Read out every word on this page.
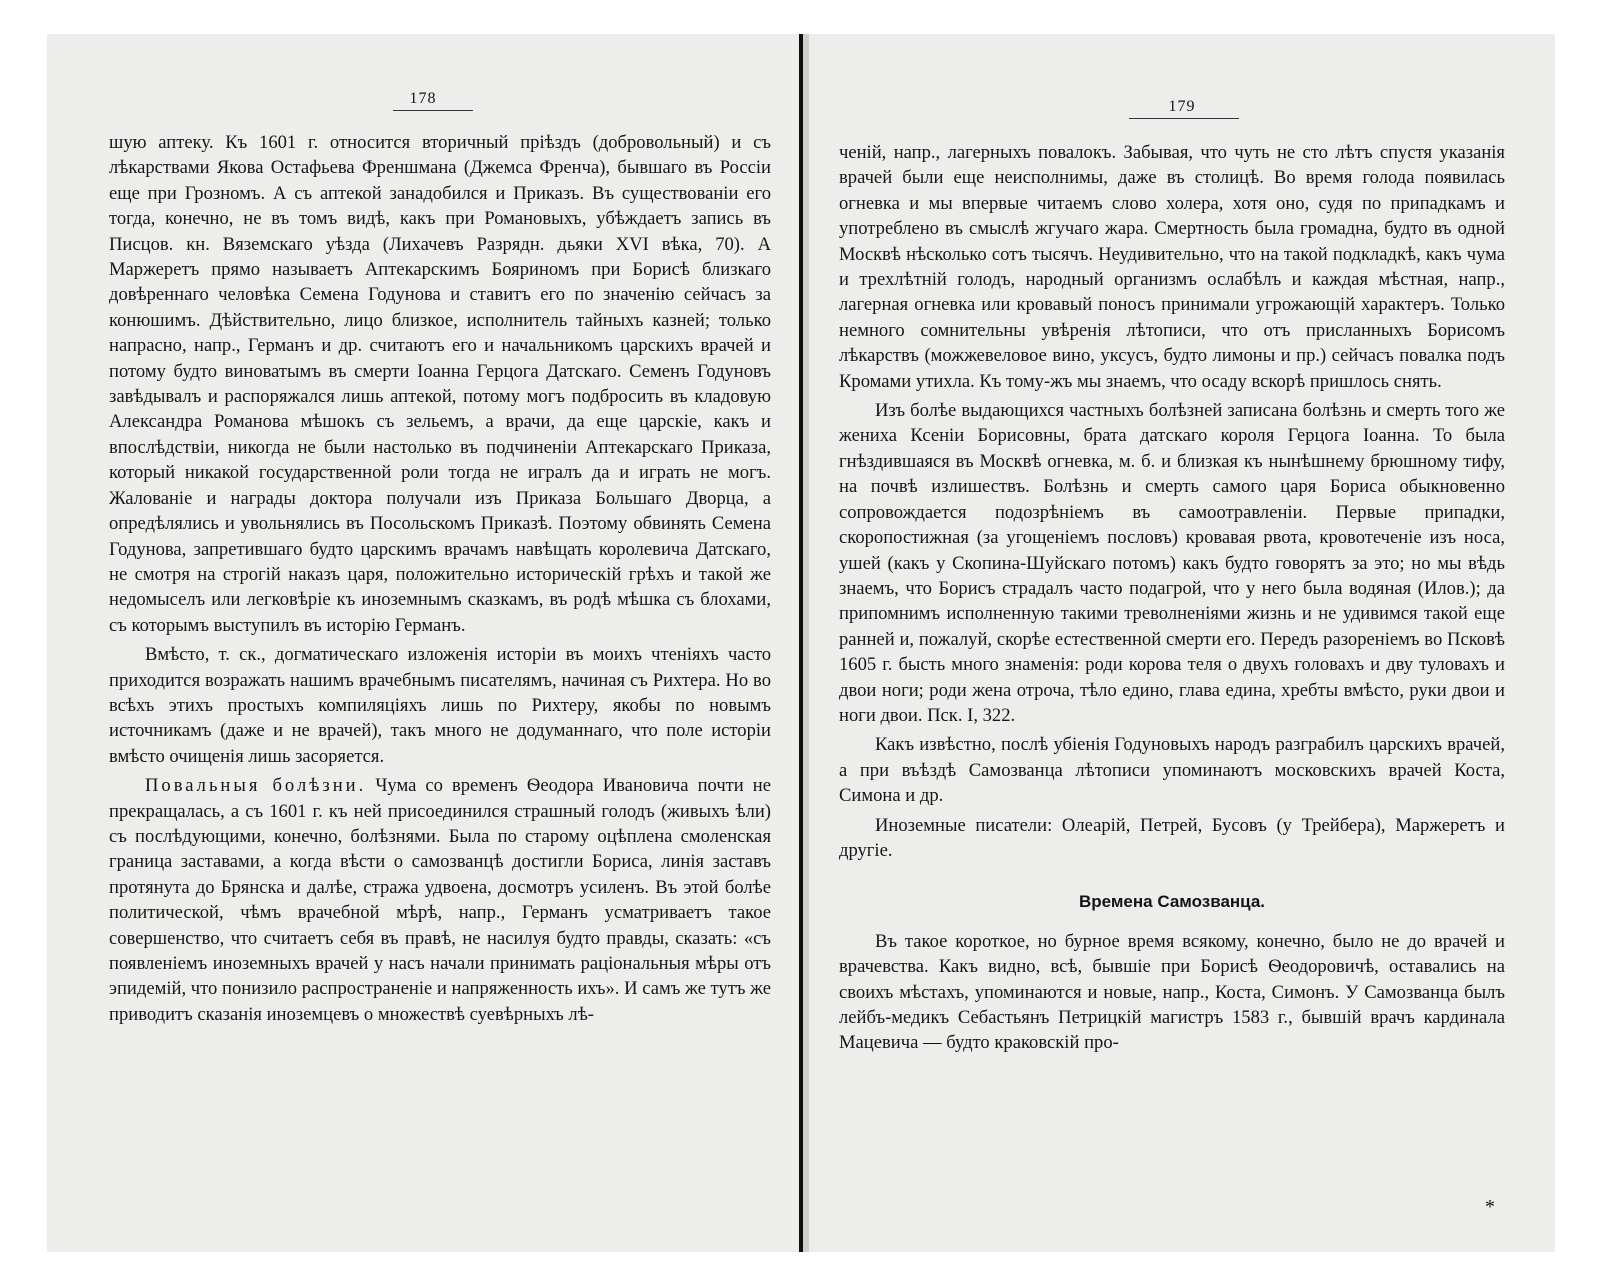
178

шую аптеку. Къ 1601 г. относится вторичный пріѣздъ (добровольный) и съ лѣкарствами Якова Остафьева Френшмана (Джемса Френча), бывшаго въ Россіи еще при Грозномъ. А съ аптекой занадобился и Приказъ. Въ существованіи его тогда, конечно, не въ томъ видѣ, какъ при Романовыхъ, убѣждаетъ запись въ Писцов. кн. Вяземскаго уѣзда (Лихачевъ Разрядн. дьяки XVI вѣка, 70). А Маржеретъ прямо называетъ Аптекарскимъ Бояриномъ при Борисѣ близкаго довѣреннаго человѣка Семена Годунова и ставитъ его по значенію сейчасъ за конюшимъ. Дѣйствительно, лицо близкое, исполнитель тайныхъ казней; только напрасно, напр., Германъ и др. считаютъ его и начальникомъ царскихъ врачей и потому будто виноватымъ въ смерти Іоанна Герцога Датскаго. Семенъ Годуновъ завѣдывалъ и распоряжался лишь аптекой, потому могъ подбросить въ кладовую Александра Романова мѣшокъ съ зельемъ, а врачи, да еще царскіе, какъ и впослѣдствіи, никогда не были настолько въ подчиненіи Аптекарскаго Приказа, который никакой государственной роли тогда не игралъ да и играть не могъ. Жалованіе и награды доктора получали изъ Приказа Большаго Дворца, а опредѣлялись и увольнялись въ Посольскомъ Приказѣ. Поэтому обвинять Семена Годунова, запретившаго будто царскимъ врачамъ навѣщать королевича Датскаго, не смотря на строгій наказъ царя, положительно историческій грѣхъ и такой же недомыселъ или легковѣріе къ иноземнымъ сказкамъ, въ родѣ мѣшка съ блохами, съ которымъ выступилъ въ исторію Германъ.

Вмѣсто, т. ск., догматическаго изложенія исторіи въ моихъ чтеніяхъ часто приходится возражать нашимъ врачебнымъ писателямъ, начиная съ Рихтера. Но во всѣхъ этихъ простыхъ компиляціяхъ лишь по Рихтеру, якобы по новымъ источникамъ (даже и не врачей), такъ много не додуманнаго, что поле исторіи вмѣсто очищенія лишь засоряется.

Повальныя болѣзни. Чума со временъ Ѳеодора Ивановича почти не прекращалась, а съ 1601 г. къ ней присоединился страшный голодъ (живыхъ ѣли) съ послѣдующими, конечно, болѣзнями. Была по старому оцѣплена смоленская граница заставами, а когда вѣсти о самозванцѣ достигли Бориса, линія заставъ протянута до Брянска и далѣе, стража удвоена, досмотръ усиленъ. Въ этой болѣе политической, чѣмъ врачебной мѣрѣ, напр., Германъ усматриваетъ такое совершенство, что считаетъ себя въ правѣ, не насилуя будто правды, сказать: «съ появленіемъ иноземныхъ врачей у насъ начали принимать раціональныя мѣры отъ эпидемій, что понизило распространеніе и напряженность ихъ». И самъ же тутъ же приводитъ сказанія иноземцевъ о множествѣ суевѣрныхъ лѣ-

179

ченій, напр., лагерныхъ повалокъ. Забывая, что чуть не сто лѣтъ спустя указанія врачей были еще неисполнимы, даже въ столицѣ. Во время голода появилась огневка и мы впервые читаемъ слово холера, хотя оно, судя по припадкамъ и употреблено въ смыслѣ жгучаго жара. Смертность была громадна, будто въ одной Москвѣ нѣсколько сотъ тысячъ. Неудивительно, что на такой подкладкѣ, какъ чума и трехлѣтній голодъ, народный организмъ ослабѣлъ и каждая мѣстная, напр., лагерная огневка или кровавый поносъ принимали угрожающій характеръ. Только немного сомнительны увѣренія лѣтописи, что отъ присланныхъ Борисомъ лѣкарствъ (можжевеловое вино, уксусъ, будто лимоны и пр.) сейчасъ повалка подъ Кромами утихла. Къ тому-жъ мы знаемъ, что осаду вскорѣ пришлось снять.

Изъ болѣе выдающихся частныхъ болѣзней записана болѣзнь и смерть того же жениха Ксеніи Борисовны, брата датскаго короля Герцога Іоанна. То была гнѣздившаяся въ Москвѣ огневка, м. б. и близкая къ нынѣшнему брюшному тифу, на почвѣ излишествъ. Болѣзнь и смерть самого царя Бориса обыкновенно сопровождается подозрѣніемъ въ самоотравленіи. Первые припадки, скоропостижная (за угощеніемъ пословъ) кровавая рвота, кровотеченіе изъ носа, ушей (какъ у Скопина-Шуйскаго потомъ) какъ будто говорятъ за это; но мы вѣдь знаемъ, что Борисъ страдалъ часто подагрой, что у него была водяная (Илов.); да припомнимъ исполненную такими треволненіями жизнь и не удивимся такой еще ранней и, пожалуй, скорѣе естественной смерти его. Передъ разореніемъ во Псковѣ 1605 г. бысть много знаменія: роди корова теля о двухъ головахъ и дву туловахъ и двои ноги; роди жена отроча, тѣло едино, глава едина, хребты вмѣсто, руки двои и ноги двои. Пск. I, 322.

Какъ извѣстно, послѣ убіенія Годуновыхъ народъ разграбилъ царскихъ врачей, а при въѣздѣ Самозванца лѣтописи упоминаютъ московскихъ врачей Коста, Симона и др.

Иноземные писатели: Олеарій, Петрей, Бусовъ (у Трейбера), Маржеретъ и другіе.

Времена Самозванца.

Въ такое короткое, но бурное время всякому, конечно, было не до врачей и врачевства. Какъ видно, всѣ, бывшіе при Борисѣ Ѳеодоровичѣ, оставались на своихъ мѣстахъ, упоминаются и новые, напр., Коста, Симонъ. У Самозванца былъ лейбъ-медикъ Себастьянъ Петрицкій магистръ 1583 г., бывшій врачъ кардинала Мацевича — будто краковскій про-

*
